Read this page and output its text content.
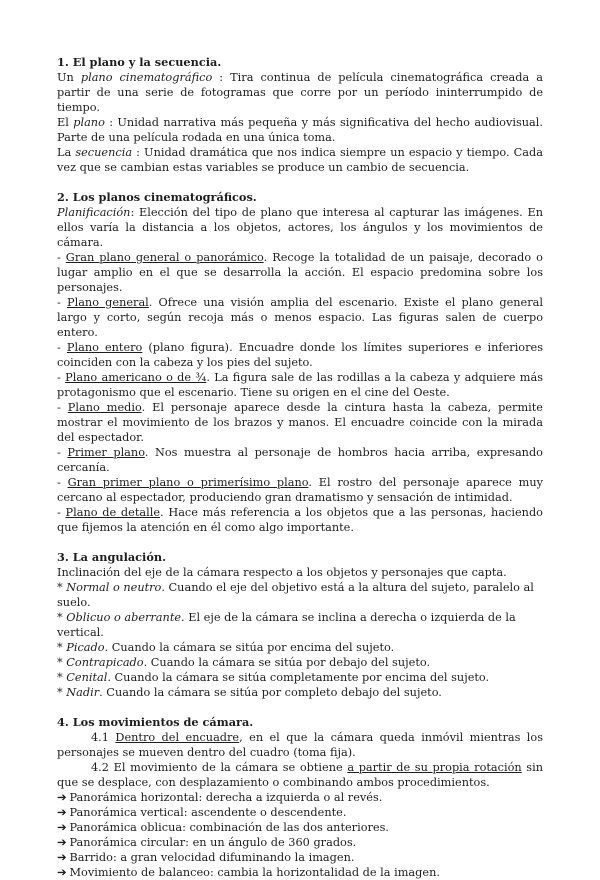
1. El plano y la secuencia.

Un plano cinematográfico : Tira continua de película cinematográfica creada a partir de una serie de fotogramas que corre por un período ininterrumpido de tiempo.

El plano : Unidad narrativa más pequeña y más significativa del hecho audiovisual. Parte de una película rodada en una única toma.

La secuencia : Unidad dramática que nos indica siempre un espacio y tiempo. Cada vez que se cambian estas variables se produce un cambio de secuencia.

2. Los planos cinematográficos.

Planificación: Elección del tipo de plano que interesa al capturar las imágenes. En ellos varía la distancia a los objetos, actores, los ángulos y los movimientos de cámara.

- Gran plano general o panorámico. Recoge la totalidad de un paisaje, decorado o lugar amplio en el que se desarrolla la acción. El espacio predomina sobre los personajes.

- Plano general. Ofrece una visión amplia del escenario. Existe el plano general largo y corto, según recoja más o menos espacio. Las figuras salen de cuerpo entero.

- Plano entero (plano figura). Encuadre donde los límites superiores e inferiores coinciden con la cabeza y los pies del sujeto.

- Plano americano o de ¾. La figura sale de las rodillas a la cabeza y adquiere más protagonismo que el escenario. Tiene su origen en el cine del Oeste.

- Plano medio. El personaje aparece desde la cintura hasta la cabeza, permite mostrar el movimiento de los brazos y manos. El encuadre coincide con la mirada del espectador.

- Primer plano. Nos muestra al personaje de hombros hacia arriba, expresando cercanía.

- Gran primer plano o primerísimo plano. El rostro del personaje aparece muy cercano al espectador, produciendo gran dramatismo y sensación de intimidad.

- Plano de detalle. Hace más referencia a los objetos que a las personas, haciendo que fijemos la atención en él como algo importante.

3. La angulación.

Inclinación del eje de la cámara respecto a los objetos y personajes que capta.

* Normal o neutro. Cuando el eje del objetivo está a la altura del sujeto, paralelo al suelo.

* Oblicuo o aberrante. El eje de la cámara se inclina a derecha o izquierda de la vertical.

* Picado. Cuando la cámara se sitúa por encima del sujeto.

* Contrapicado. Cuando la cámara se sitúa por debajo del sujeto.

* Cenital. Cuando la cámara se sitúa completamente por encima del sujeto.

* Nadir. Cuando la cámara se sitúa por completo debajo del sujeto.

4. Los movimientos de cámara.

4.1 Dentro del encuadre, en el que la cámara queda inmóvil mientras los personajes se mueven dentro del cuadro (toma fija).

4.2 El movimiento de la cámara se obtiene a partir de su propia rotación sin que se desplace, con desplazamiento o combinando ambos procedimientos.

➔ Panorámica horizontal: derecha a izquierda o al revés.

➔ Panorámica vertical: ascendente o descendente.

➔ Panorámica oblicua: combinación de las dos anteriores.

➔ Panorámica circular: en un ángulo de 360 grados.

➔ Barrido: a gran velocidad difuminando la imagen.

➔ Movimiento de balanceo: cambia la horizontalidad de la imagen.
